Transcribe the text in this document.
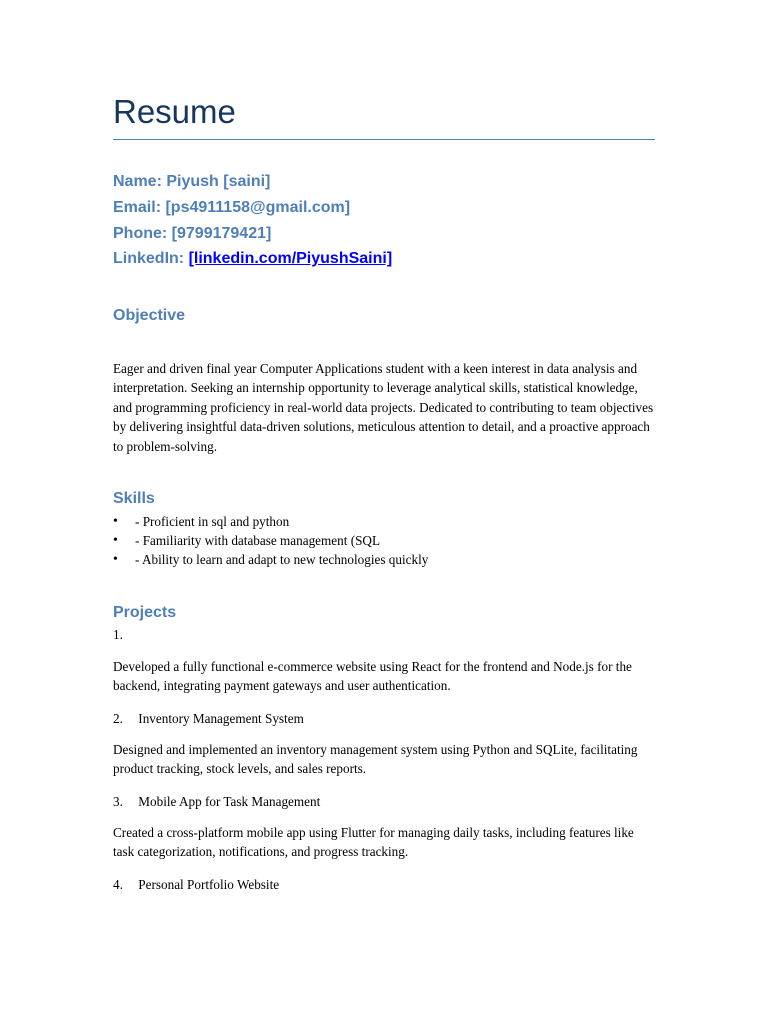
Resume
Name: Piyush [saini]
Email: [ps4911158@gmail.com]
Phone: [9799179421]
LinkedIn: [linkedin.com/PiyushSaini]
Objective

Eager and driven final year Computer Applications student with a keen interest in data analysis and interpretation. Seeking an internship opportunity to leverage analytical skills, statistical knowledge, and programming proficiency in real-world data projects. Dedicated to contributing to team objectives by delivering insightful data-driven solutions, meticulous attention to detail, and a proactive approach to problem-solving.

Skills
• - Proficient in sql and python
• - Familiarity with database management (SQL
• - Ability to learn and adapt to new technologies quickly
Projects
1.

Developed a fully functional e-commerce website using React for the frontend and Node.js for the backend, integrating payment gateways and user authentication.

2. Inventory Management System

Designed and implemented an inventory management system using Python and SQLite, facilitating product tracking, stock levels, and sales reports.

3. Mobile App for Task Management

Created a cross-platform mobile app using Flutter for managing daily tasks, including features like task categorization, notifications, and progress tracking.

4. Personal Portfolio Website
